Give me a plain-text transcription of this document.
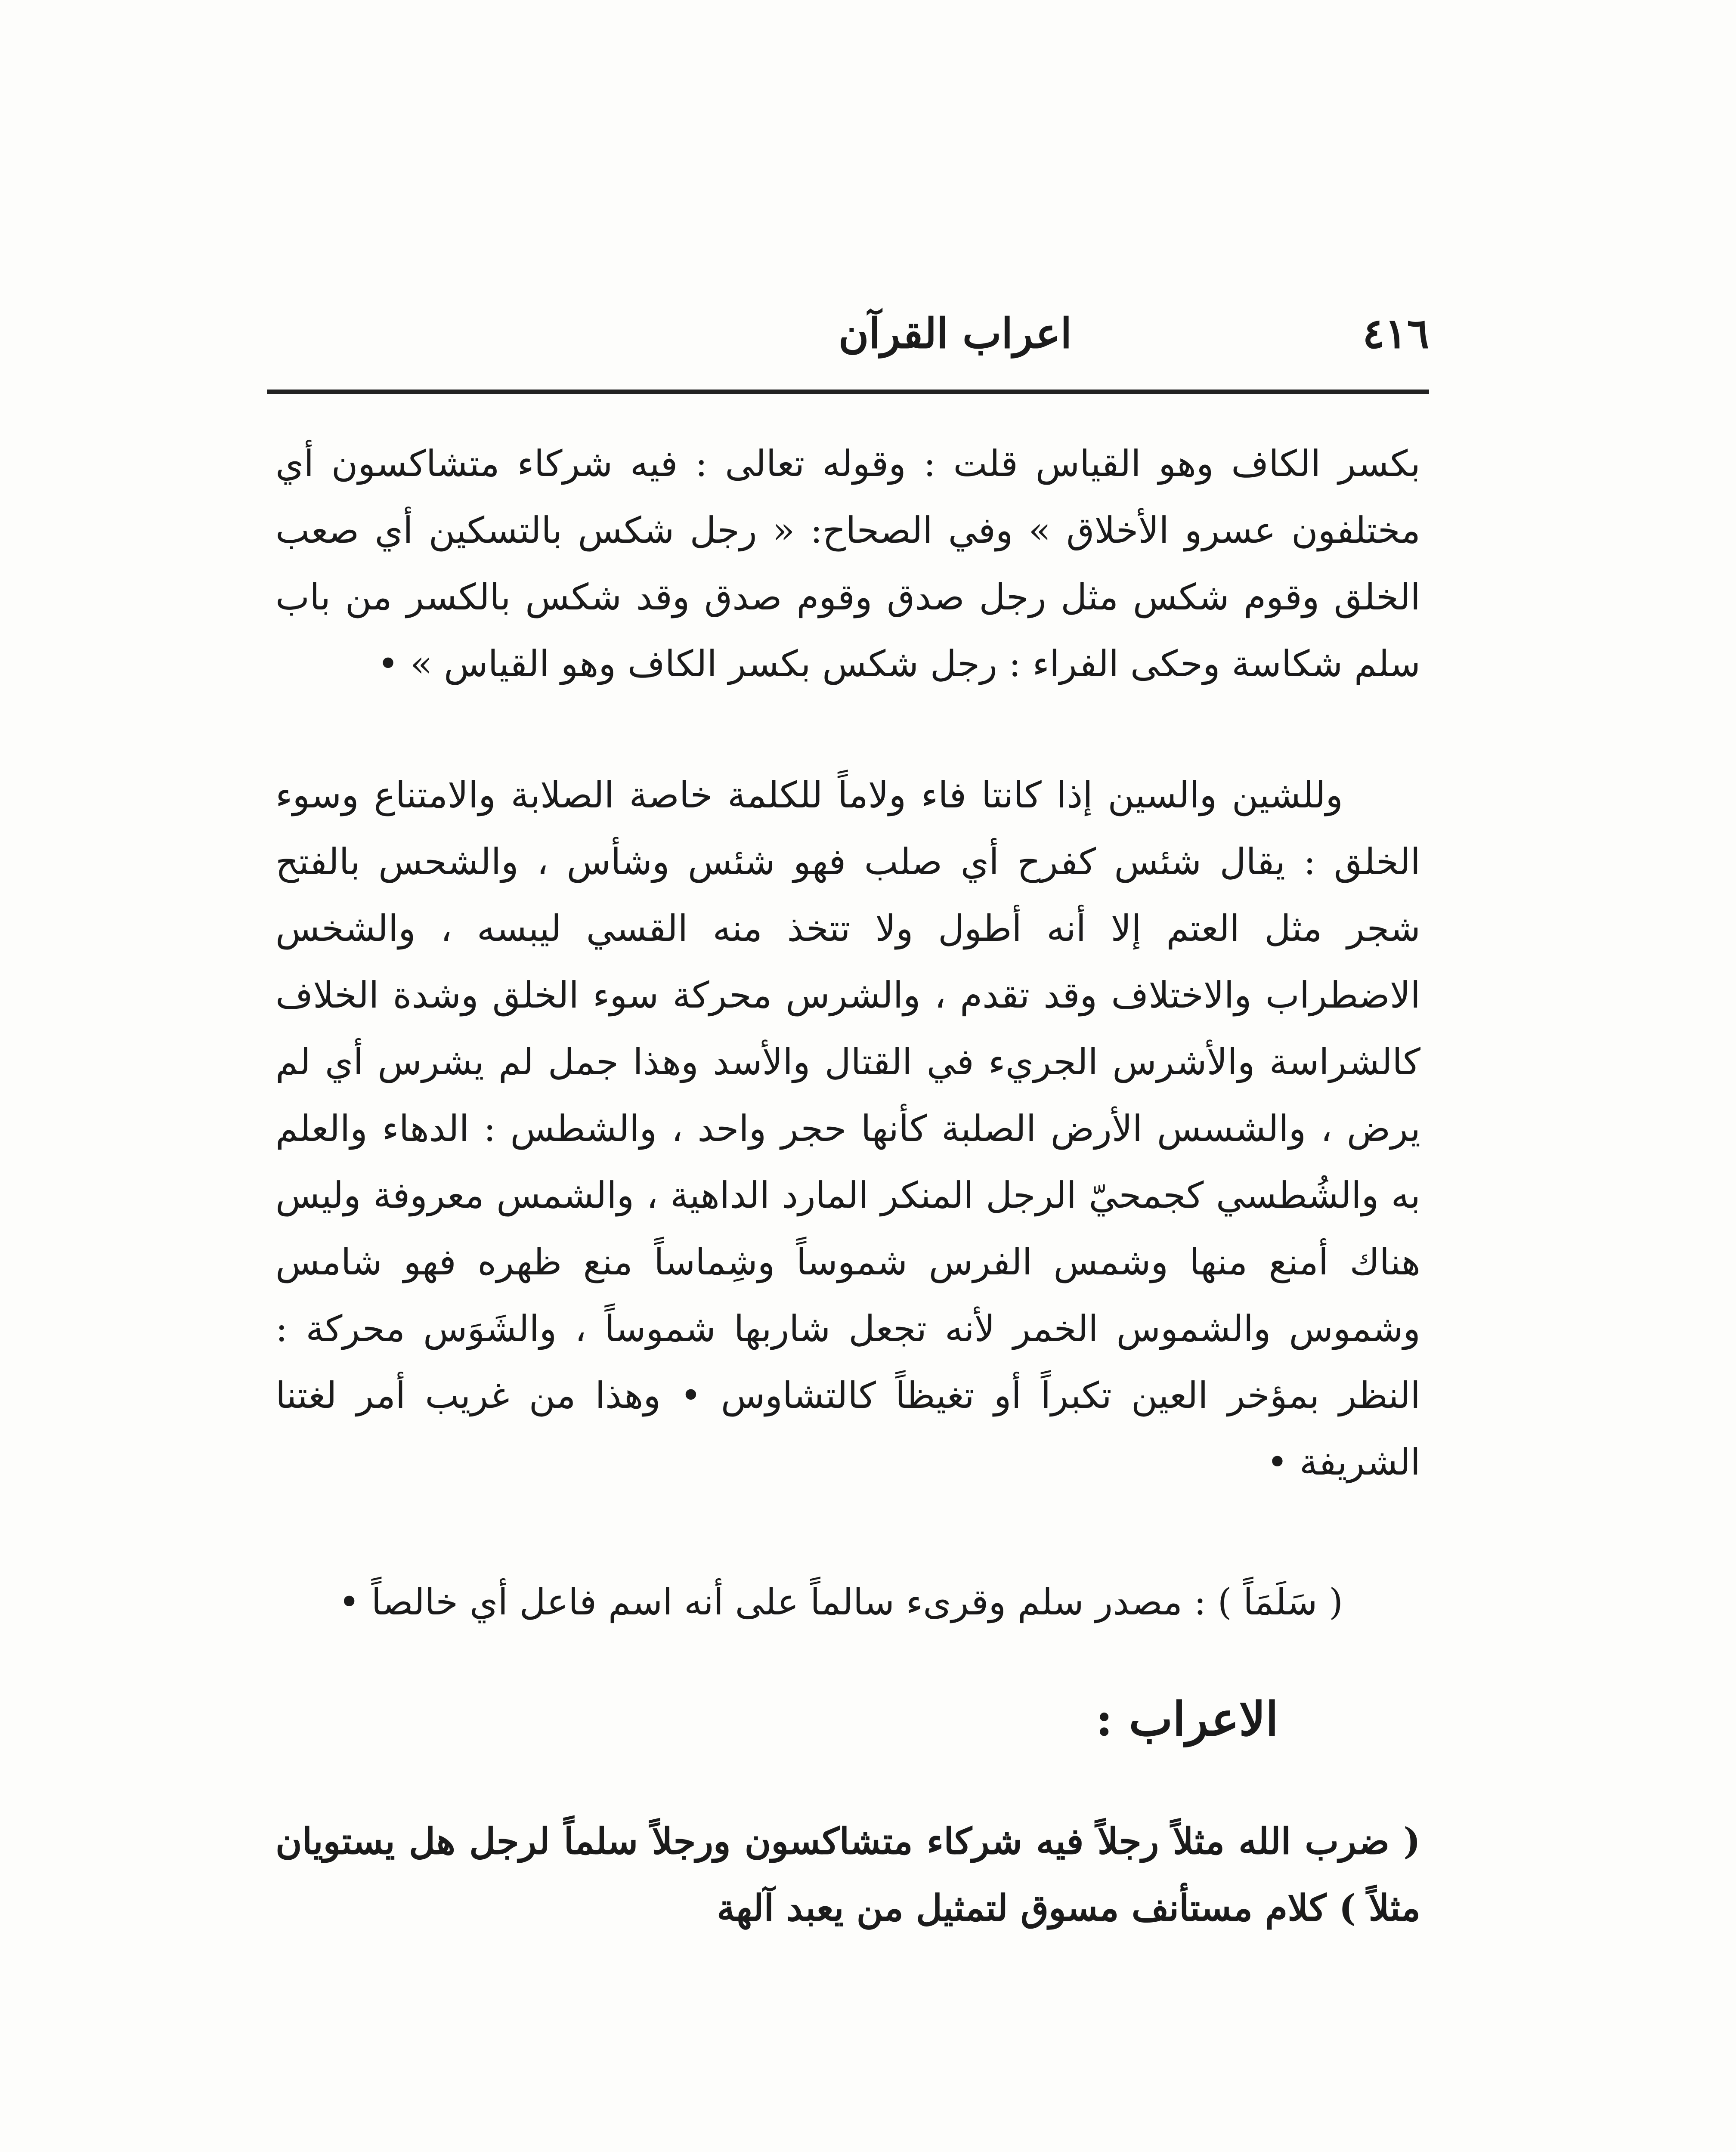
٤١٦
اعراب القرآن

بكسر الكاف وهو القياس قلت : وقوله تعالى : فيه شركاء متشاكسون أي مختلفون عسرو الأخلاق » وفي الصحاح: « رجل شكس بالتسكين أي صعب الخلق وقوم شكس مثل رجل صدق وقوم صدق وقد شكس بالكسر من باب سلم شكاسة وحكى الفراء : رجل شكس بكسر الكاف وهو القياس » •

وللشين والسين إذا كانتا فاء ولاماً للكلمة خاصة الصلابة والامتناع وسوء الخلق : يقال شئس كفرح أي صلب فهو شئس وشأس ، والشحس بالفتح شجر مثل العتم إلا أنه أطول ولا تتخذ منه القسي ليبسه ، والشخس الاضطراب والاختلاف وقد تقدم ، والشرس محركة سوء الخلق وشدة الخلاف كالشراسة والأشرس الجريء في القتال والأسد وهذا جمل لم يشرس أي لم يرض ، والشسس الأرض الصلبة كأنها حجر واحد ، والشطس : الدهاء والعلم به والشُطسي كجمحيّ الرجل المنكر المارد الداهية ، والشمس معروفة وليس هناك أمنع منها وشمس الفرس شموساً وشِماساً منع ظهره فهو شامس وشموس والشموس الخمر لأنه تجعل شاربها شموساً ، والشَوَس محركة : النظر بمؤخر العين تكبراً أو تغيظاً كالتشاوس • وهذا من غريب أمر لغتنا الشريفة •

( سَلَمَاً ) : مصدر سلم وقرىء سالماً على أنه اسم فاعل أي خالصاً •

الاعراب :

( ضرب الله مثلاً رجلاً فيه شركاء متشاكسون ورجلاً سلماً لرجل هل يستويان مثلاً ) كلام مستأنف مسوق لتمثيل من يعبد آلهة
